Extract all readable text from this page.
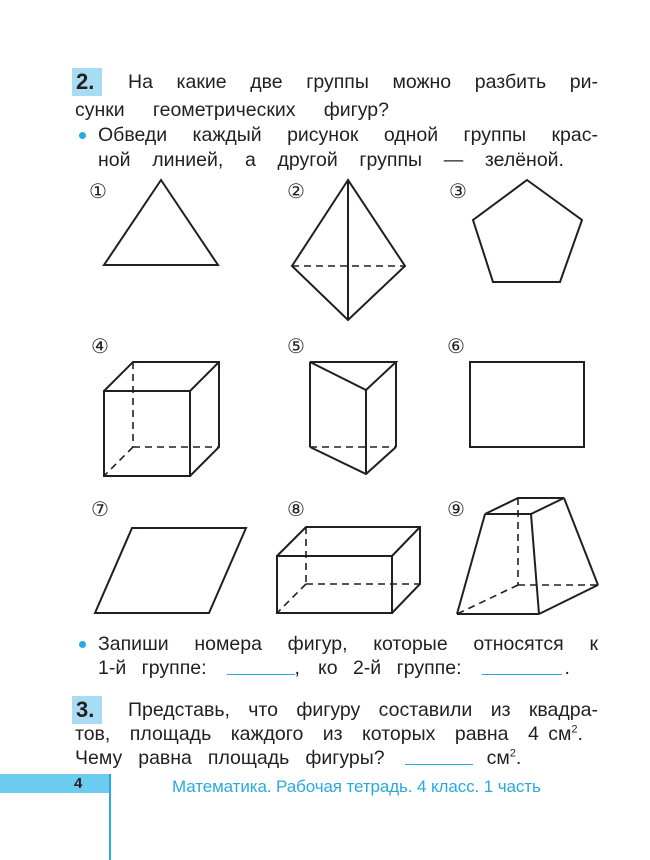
2.	На какие две группы можно разбить ри-
сунки геометрических фигур?
Обведи каждый рисунок одной группы крас-
ной линией, а другой группы — зелёной.
①	②	③
④	⑤	⑥
⑦	⑧	⑨
Запиши номера фигур, которые относятся к
1-й группе:	, ко 2-й группе:	.
3.	Представь, что фигуру составили из квадра-
тов, площадь каждого из которых равна 4 $см^2$.
Чему равна площадь фигуры?	$см^2$.
4	Математика. Рабочая тетрадь. 4 класс. 1 часть
